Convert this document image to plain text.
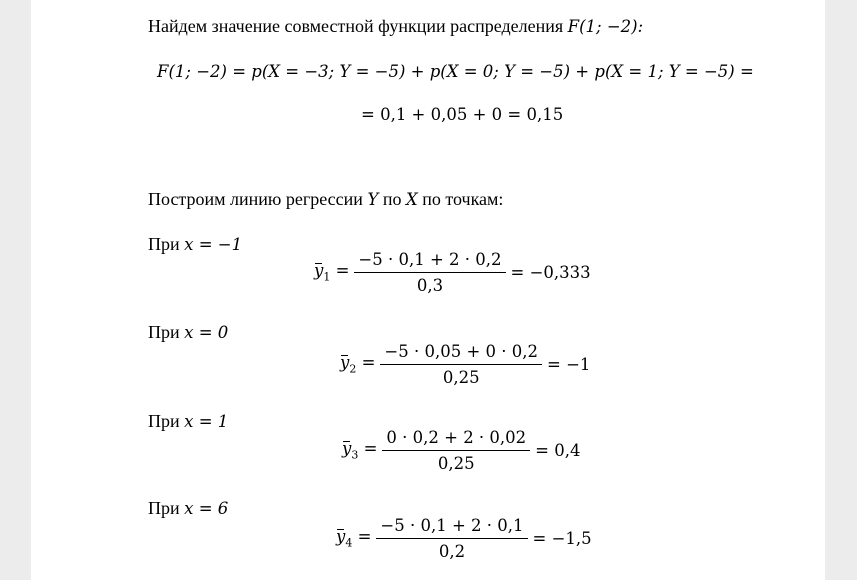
Найдем значение совместной функции распределения F(1; −2):
F(1; −2) = p(X = −3; Y = −5) + p(X = 0; Y = −5) + p(X = 1; Y = −5) =
= 0,1 + 0,05 + 0 = 0,15
Построим линию регрессии Y по X по точкам:
При x = −1
$y_1 = \frac{-5 \cdot 0,1 + 2 \cdot 0,2}{0,3} = -0,333$
При x = 0
$y_2 = \frac{-5 \cdot 0,05 + 0 \cdot 0,2}{0,25} = -1$
При x = 1
$y_3 = \frac{0 \cdot 0,2 + 2 \cdot 0,02}{0,25} = 0,4$
При x = 6
$y_4 = \frac{-5 \cdot 0,1 + 2 \cdot 0,1}{0,2} = -1,5$
